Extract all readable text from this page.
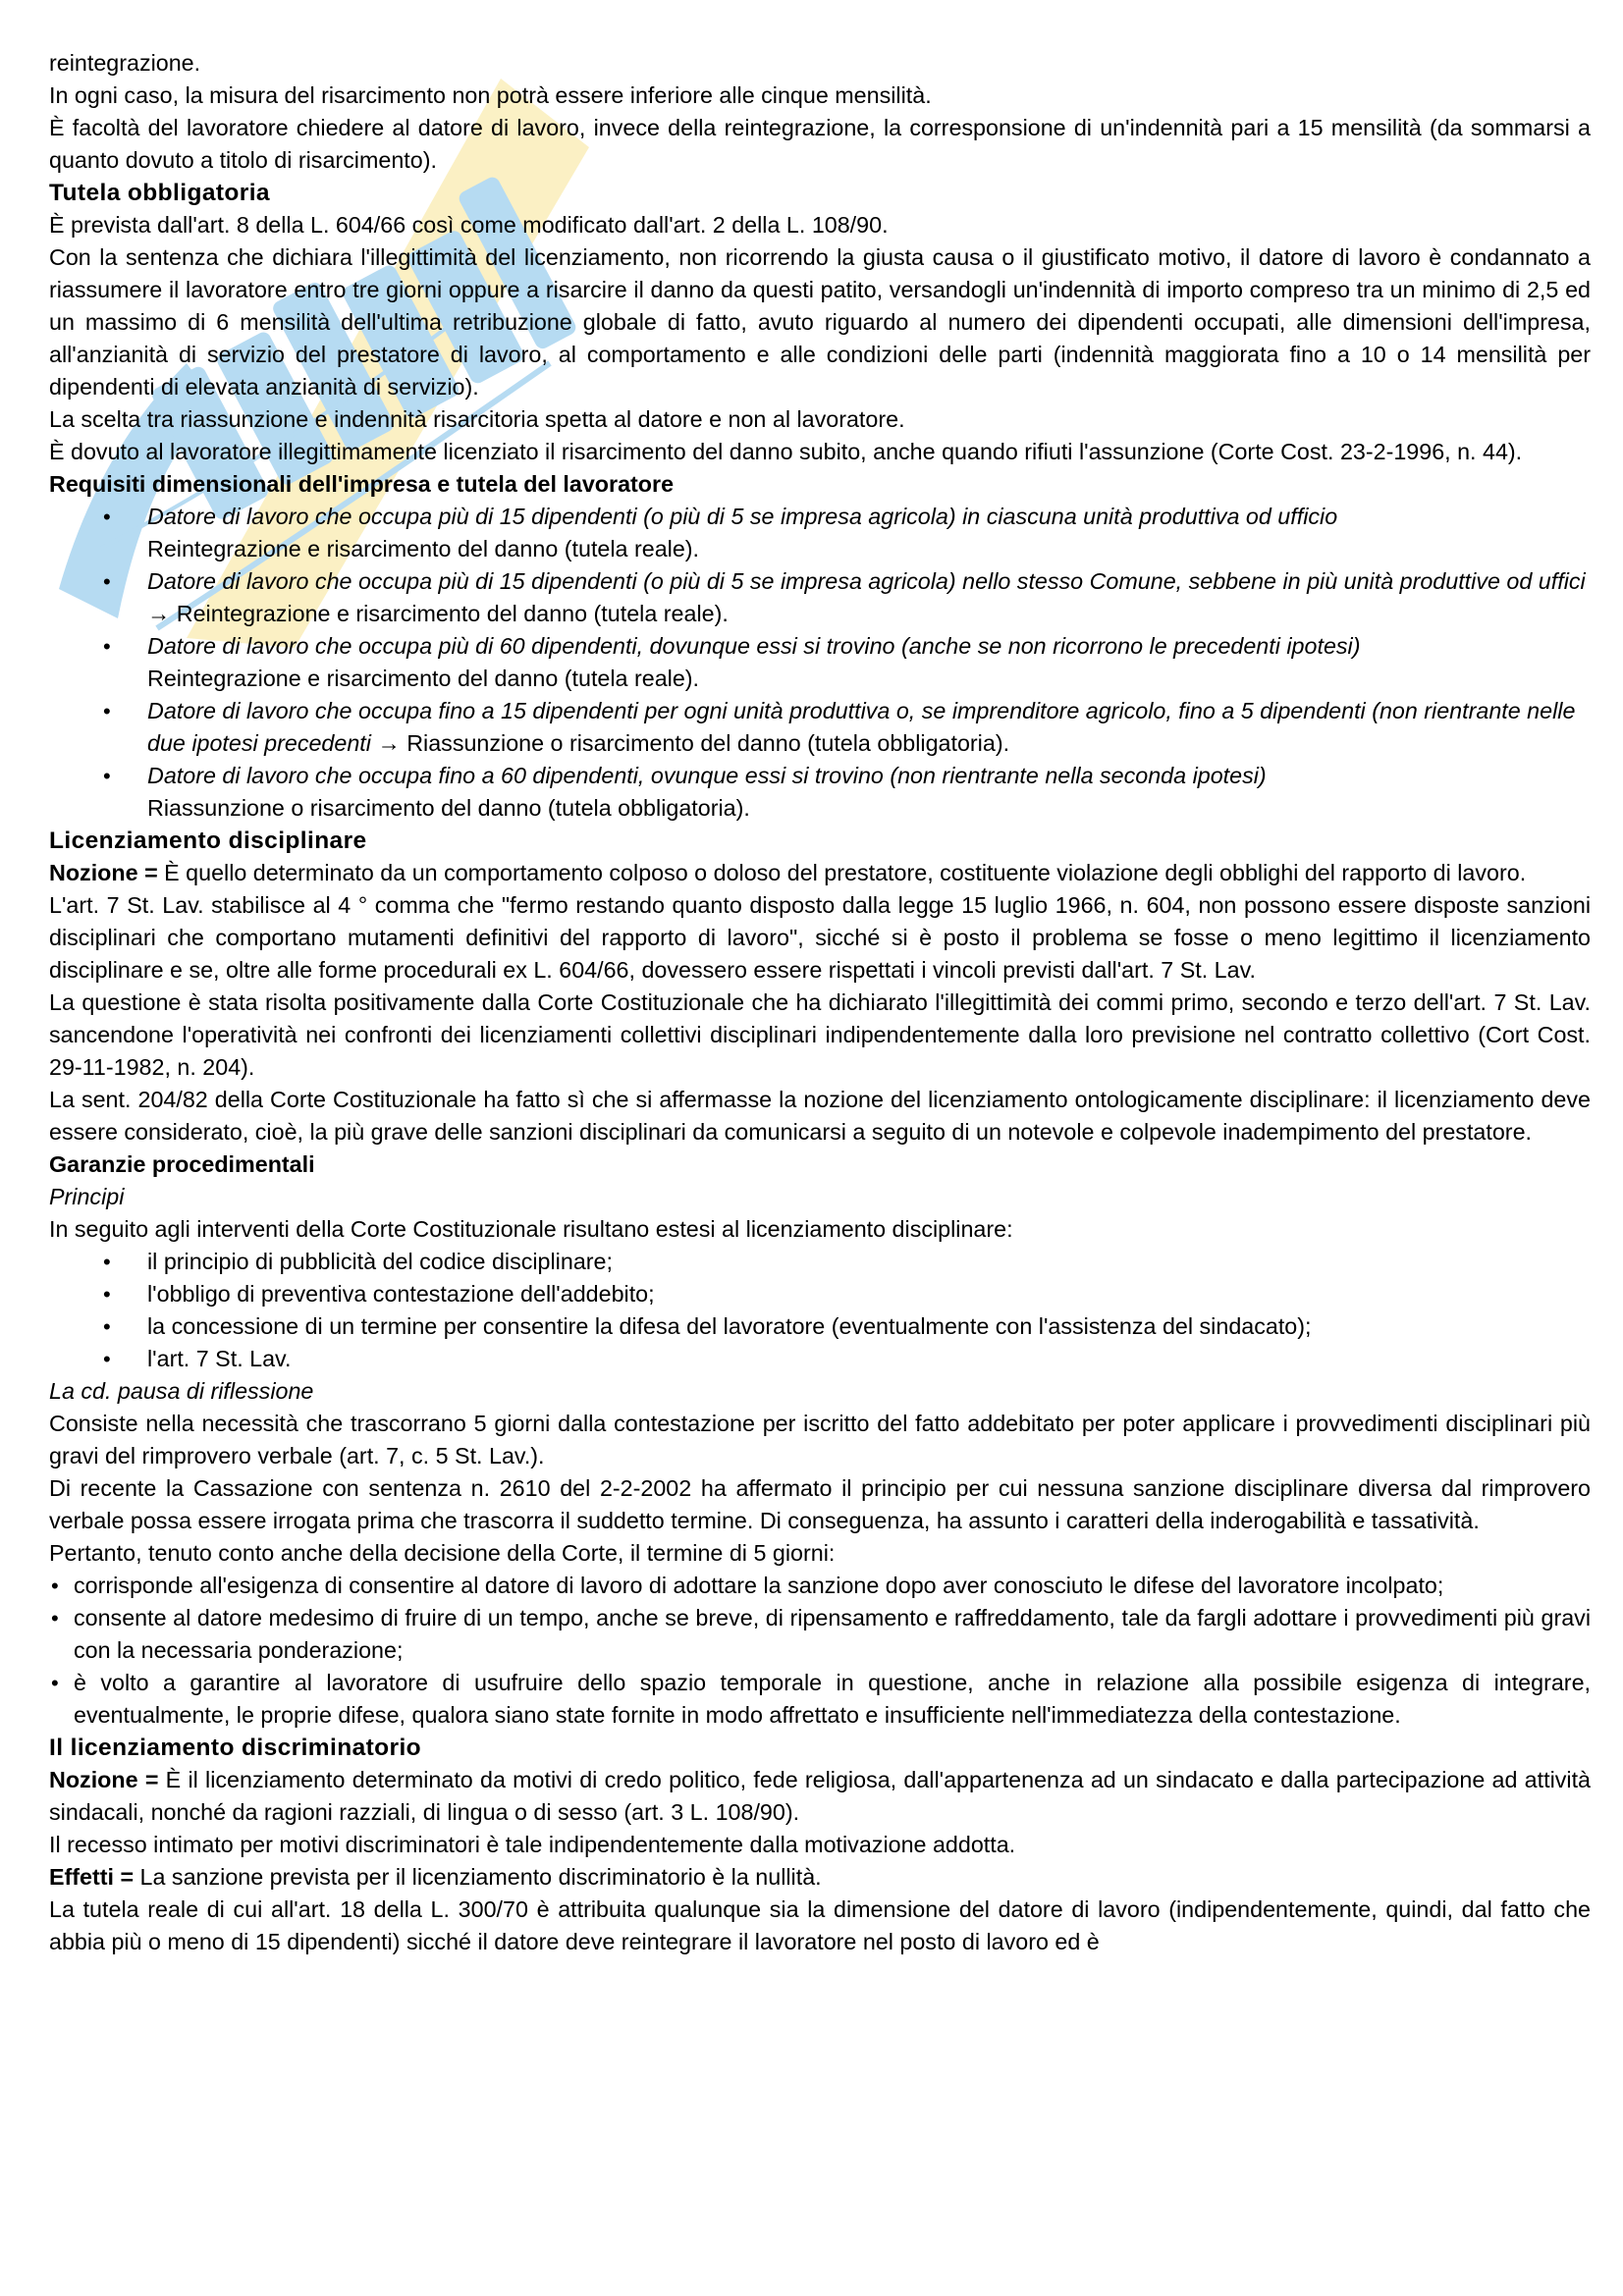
reintegrazione.

In ogni caso, la misura del risarcimento non potrà essere inferiore alle cinque mensilità.

È facoltà del lavoratore chiedere al datore di lavoro, invece della reintegrazione, la corresponsione di un'indennità pari a 15 mensilità (da sommarsi a quanto dovuto a titolo di risarcimento).

Tutela obbligatoria

È prevista dall'art. 8 della L. 604/66 così come modificato dall'art. 2 della L. 108/90.

Con la sentenza che dichiara l'illegittimità del licenziamento, non ricorrendo la giusta causa o il giustificato motivo, il datore di lavoro è condannato a riassumere il lavoratore entro tre giorni oppure a risarcire il danno da questi patito, versandogli un'indennità di importo compreso tra un minimo di 2,5 ed un massimo di 6 mensilità dell'ultima retribuzione globale di fatto, avuto riguardo al numero dei dipendenti occupati, alle dimensioni dell'impresa, all'anzianità di servizio del prestatore di lavoro, al comportamento e alle condizioni delle parti (indennità maggiorata fino a 10 o 14 mensilità per dipendenti di elevata anzianità di servizio).

La scelta tra riassunzione e indennità risarcitoria spetta al datore e non al lavoratore.

È dovuto al lavoratore illegittimamente licenziato il risarcimento del danno subito, anche quando rifiuti l'assunzione (Corte Cost. 23-2-1996, n. 44).

Requisiti dimensionali dell'impresa e tutela del lavoratore
• Datore di lavoro che occupa più di 15 dipendenti (o più di 5 se impresa agricola) in ciascuna unità produttiva od ufficio
Reintegrazione e risarcimento del danno (tutela reale).
• Datore di lavoro che occupa più di 15 dipendenti (o più di 5 se impresa agricola) nello stesso Comune, sebbene in più unità produttive od uffici → Reintegrazione e risarcimento del danno (tutela reale).
• Datore di lavoro che occupa più di 60 dipendenti, dovunque essi si trovino (anche se non ricorrono le precedenti ipotesi)
Reintegrazione e risarcimento del danno (tutela reale).
• Datore di lavoro che occupa fino a 15 dipendenti per ogni unità produttiva o, se imprenditore agricolo, fino a 5 dipendenti (non rientrante nelle due ipotesi precedenti → Riassunzione o risarcimento del danno (tutela obbligatoria).
• Datore di lavoro che occupa fino a 60 dipendenti, ovunque essi si trovino (non rientrante nella seconda ipotesi)
Riassunzione o risarcimento del danno (tutela obbligatoria).
Licenziamento disciplinare

Nozione = È quello determinato da un comportamento colposo o doloso del prestatore, costituente violazione degli obblighi del rapporto di lavoro.

L'art. 7 St. Lav. stabilisce al 4 ° comma che "fermo restando quanto disposto dalla legge 15 luglio 1966, n. 604, non possono essere disposte sanzioni disciplinari che comportano mutamenti definitivi del rapporto di lavoro", sicché si è posto il problema se fosse o meno legittimo il licenziamento disciplinare e se, oltre alle forme procedurali ex L. 604/66, dovessero essere rispettati i vincoli previsti dall'art. 7 St. Lav.

La questione è stata risolta positivamente dalla Corte Costituzionale che ha dichiarato l'illegittimità dei commi primo, secondo e terzo dell'art. 7 St. Lav. sancendone l'operatività nei confronti dei licenziamenti collettivi disciplinari indipendentemente dalla loro previsione nel contratto collettivo (Cort Cost. 29-11-1982, n. 204).

La sent. 204/82 della Corte Costituzionale ha fatto sì che si affermasse la nozione del licenziamento ontologicamente disciplinare: il licenziamento deve essere considerato, cioè, la più grave delle sanzioni disciplinari da comunicarsi a seguito di un notevole e colpevole inadempimento del prestatore.

Garanzie procedimentali

Principi

In seguito agli interventi della Corte Costituzionale risultano estesi al licenziamento disciplinare:

• il principio di pubblicità del codice disciplinare;
• l'obbligo di preventiva contestazione dell'addebito;
• la concessione di un termine per consentire la difesa del lavoratore (eventualmente con l'assistenza del sindacato);
• l'art. 7 St. Lav.

La cd. pausa di riflessione

Consiste nella necessità che trascorrano 5 giorni dalla contestazione per iscritto del fatto addebitato per poter applicare i provvedimenti disciplinari più gravi del rimprovero verbale (art. 7, c. 5 St. Lav.).

Di recente la Cassazione con sentenza n. 2610 del 2-2-2002 ha affermato il principio per cui nessuna sanzione disciplinare diversa dal rimprovero verbale possa essere irrogata prima che trascorra il suddetto termine. Di conseguenza, ha assunto i caratteri della inderogabilità e tassatività.

Pertanto, tenuto conto anche della decisione della Corte, il termine di 5 giorni:

• corrisponde all'esigenza di consentire al datore di lavoro di adottare la sanzione dopo aver conosciuto le difese del lavoratore incolpato;
• consente al datore medesimo di fruire di un tempo, anche se breve, di ripensamento e raffreddamento, tale da fargli adottare i provvedimenti più gravi con la necessaria ponderazione;
• è volto a garantire al lavoratore di usufruire dello spazio temporale in questione, anche in relazione alla possibile esigenza di integrare, eventualmente, le proprie difese, qualora siano state fornite in modo affrettato e insufficiente nell'immediatezza della contestazione.
Il licenziamento discriminatorio

Nozione = È il licenziamento determinato da motivi di credo politico, fede religiosa, dall'appartenenza ad un sindacato e dalla partecipazione ad attività sindacali, nonché da ragioni razziali, di lingua o di sesso (art. 3 L. 108/90).

Il recesso intimato per motivi discriminatori è tale indipendentemente dalla motivazione addotta.

Effetti = La sanzione prevista per il licenziamento discriminatorio è la nullità.

La tutela reale di cui all'art. 18 della L. 300/70 è attribuita qualunque sia la dimensione del datore di lavoro (indipendentemente, quindi, dal fatto che abbia più o meno di 15 dipendenti) sicché il datore deve reintegrare il lavoratore nel posto di lavoro ed è
